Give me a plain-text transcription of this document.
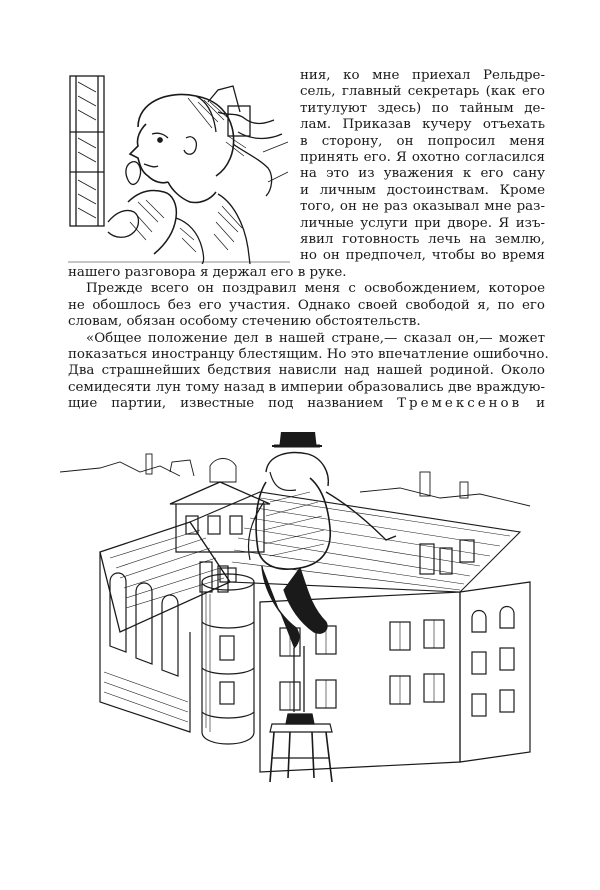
ния, ко мне приехал Рельдре-
сель, главный секретарь (как его
титулуют здесь) по тайным де-
лам. Приказав кучеру отъехать
в сторону, он попросил меня
принять его. Я охотно согласился
на это из уважения к его сану
и личным достоинствам. Кроме
того, он не раз оказывал мне раз-
личные услуги при дворе. Я изъ-
явил готовность лечь на землю,
но он предпочел, чтобы во время
нашего разговора я держал его в руке.
Прежде всего он поздравил меня с освобождением, которое
не обошлось без его участия. Однако своей свободой я, по его
словам, обязан особому стечению обстоятельств.
«Общее положение дел в нашей стране,— сказал он,— может
показаться иностранцу блестящим. Но это впечатление ошибочно.
Два страшнейших бедствия нависли над нашей родиной. Около
семидесяти лун тому назад в империи образовались две враждую-
щие партии, известные под названием Тремексенов и
